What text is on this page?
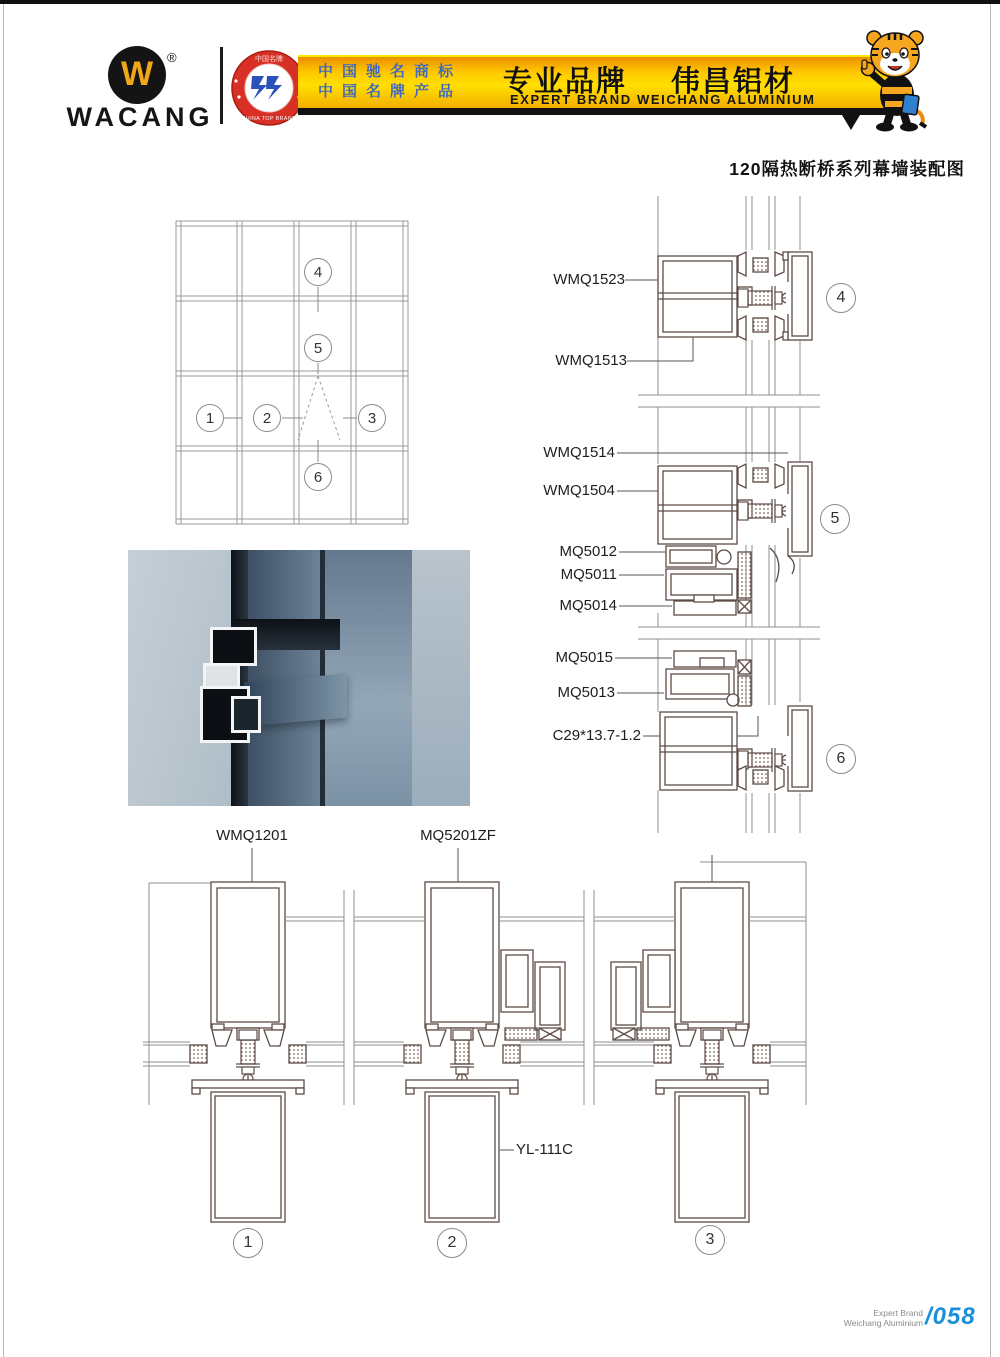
W ®
WACANG
中国名牌
CHINA TOP BRAND
中国驰名商标
中国名牌产品 专业品牌 伟昌铝材
EXPERT BRAND WEICHANG ALUMINIUM
120隔热断桥系列幕墙装配图
4
5
1	2	3
6
WMQ1523
WMQ1513
WMQ1514
WMQ1504
MQ5012
MQ5011
MQ5014
MQ5015
MQ5013
C29*13.7-1.2
4
5
6
WMQ1201	MQ5201ZF
YL-111C
1	2	3
Expert Brand
Weichang Aluminium /058
